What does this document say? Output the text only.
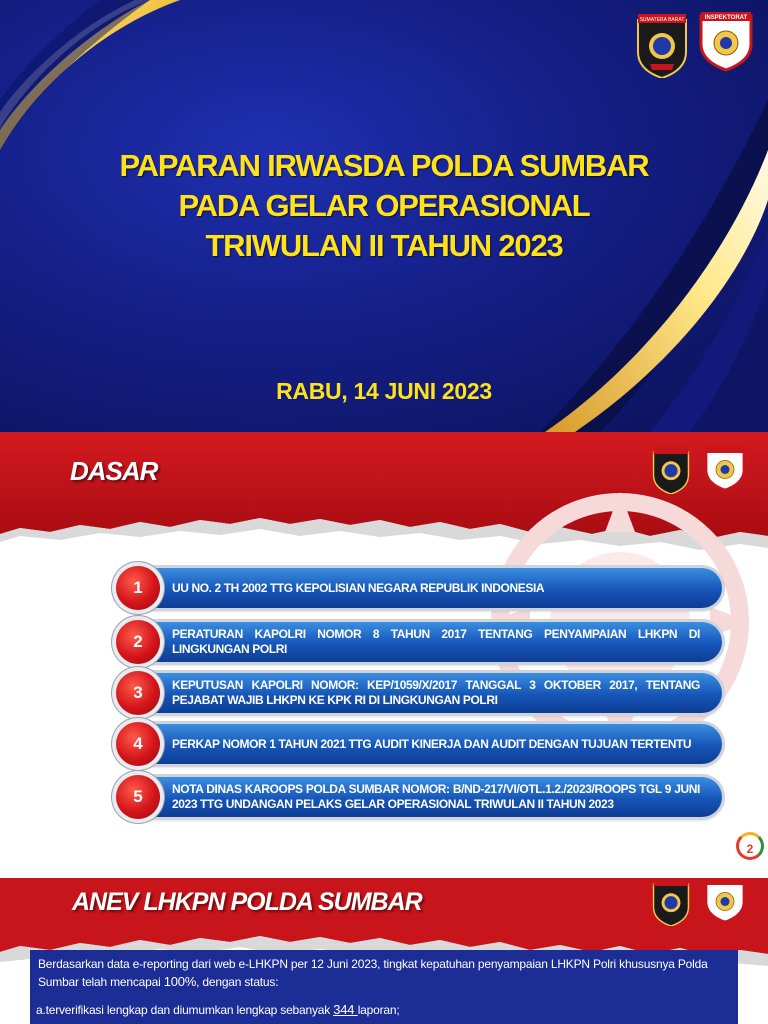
SUMATERA BARAT	INSPEKTORAT
PAPARAN IRWASDA POLDA SUMBAR
PADA GELAR OPERASIONAL
TRIWULAN II TAHUN 2023
RABU, 14 JUNI 2023
DASAR
1	UU NO. 2 TH 2002 TTG KEPOLISIAN NEGARA REPUBLIK INDONESIA
2	PERATURAN KAPOLRI NOMOR 8 TAHUN 2017 TENTANG PENYAMPAIAN LHKPN DI LINGKUNGAN POLRI
3	KEPUTUSAN KAPOLRI NOMOR: KEP/1059/X/2017 TANGGAL 3 OKTOBER 2017, TENTANG PEJABAT WAJIB LHKPN KE KPK RI DI LINGKUNGAN POLRI
4	PERKAP NOMOR 1 TAHUN 2021 TTG AUDIT KINERJA DAN AUDIT DENGAN TUJUAN TERTENTU
5	NOTA DINAS KAROOPS POLDA SUMBAR NOMOR: B/ND-217/VI/OTL.1.2./2023/ROOPS TGL 9 JUNI 2023 TTG UNDANGAN PELAKS GELAR OPERASIONAL TRIWULAN II TAHUN 2023
2
ANEV LHKPN POLDA SUMBAR
Berdasarkan data e-reporting dari web e-LHKPN per 12 Juni 2023, tingkat kepatuhan penyampaian LHKPN Polri khususnya Polda Sumbar telah mencapai 100%, dengan status:
a.terverifikasi lengkap dan diumumkan lengkap sebanyak 344 laporan;
